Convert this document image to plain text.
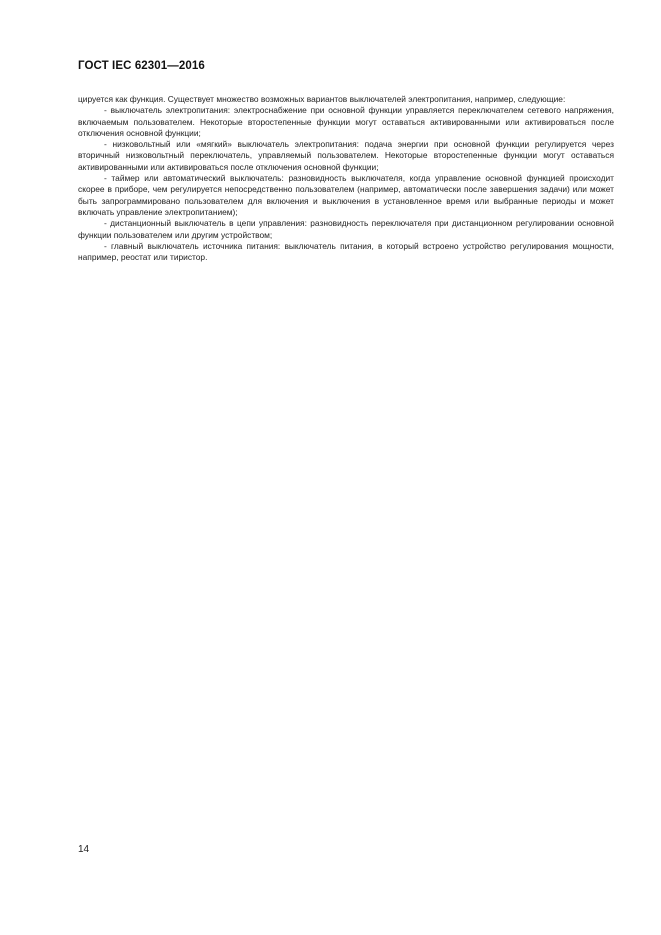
ГОСТ IEC 62301—2016

цируется как функция. Существует множество возможных вариантов выключателей электропитания, например, следующие:

- выключатель электропитания: электроснабжение при основной функции управляется переключателем сетевого напряжения, включаемым пользователем. Некоторые второстепенные функции могут оставаться активированными или активироваться после отключения основной функции;

- низковольтный или «мягкий» выключатель электропитания: подача энергии при основной функции регулируется через вторичный низковольтный переключатель, управляемый пользователем. Некоторые второстепенные функции могут оставаться активированными или активироваться после отключения основной функции;

- таймер или автоматический выключатель: разновидность выключателя, когда управление основной функцией происходит скорее в приборе, чем регулируется непосредственно пользователем (например, автоматически после завершения задачи) или может быть запрограммировано пользователем для включения и выключения в установленное время или выбранные периоды и может включать управление электропитанием);

- дистанционный выключатель в цепи управления: разновидность переключателя при дистанционном регулировании основной функции пользователем или другим устройством;

- главный выключатель источника питания: выключатель питания, в который встроено устройство регулирования мощности, например, реостат или тиристор.

14
